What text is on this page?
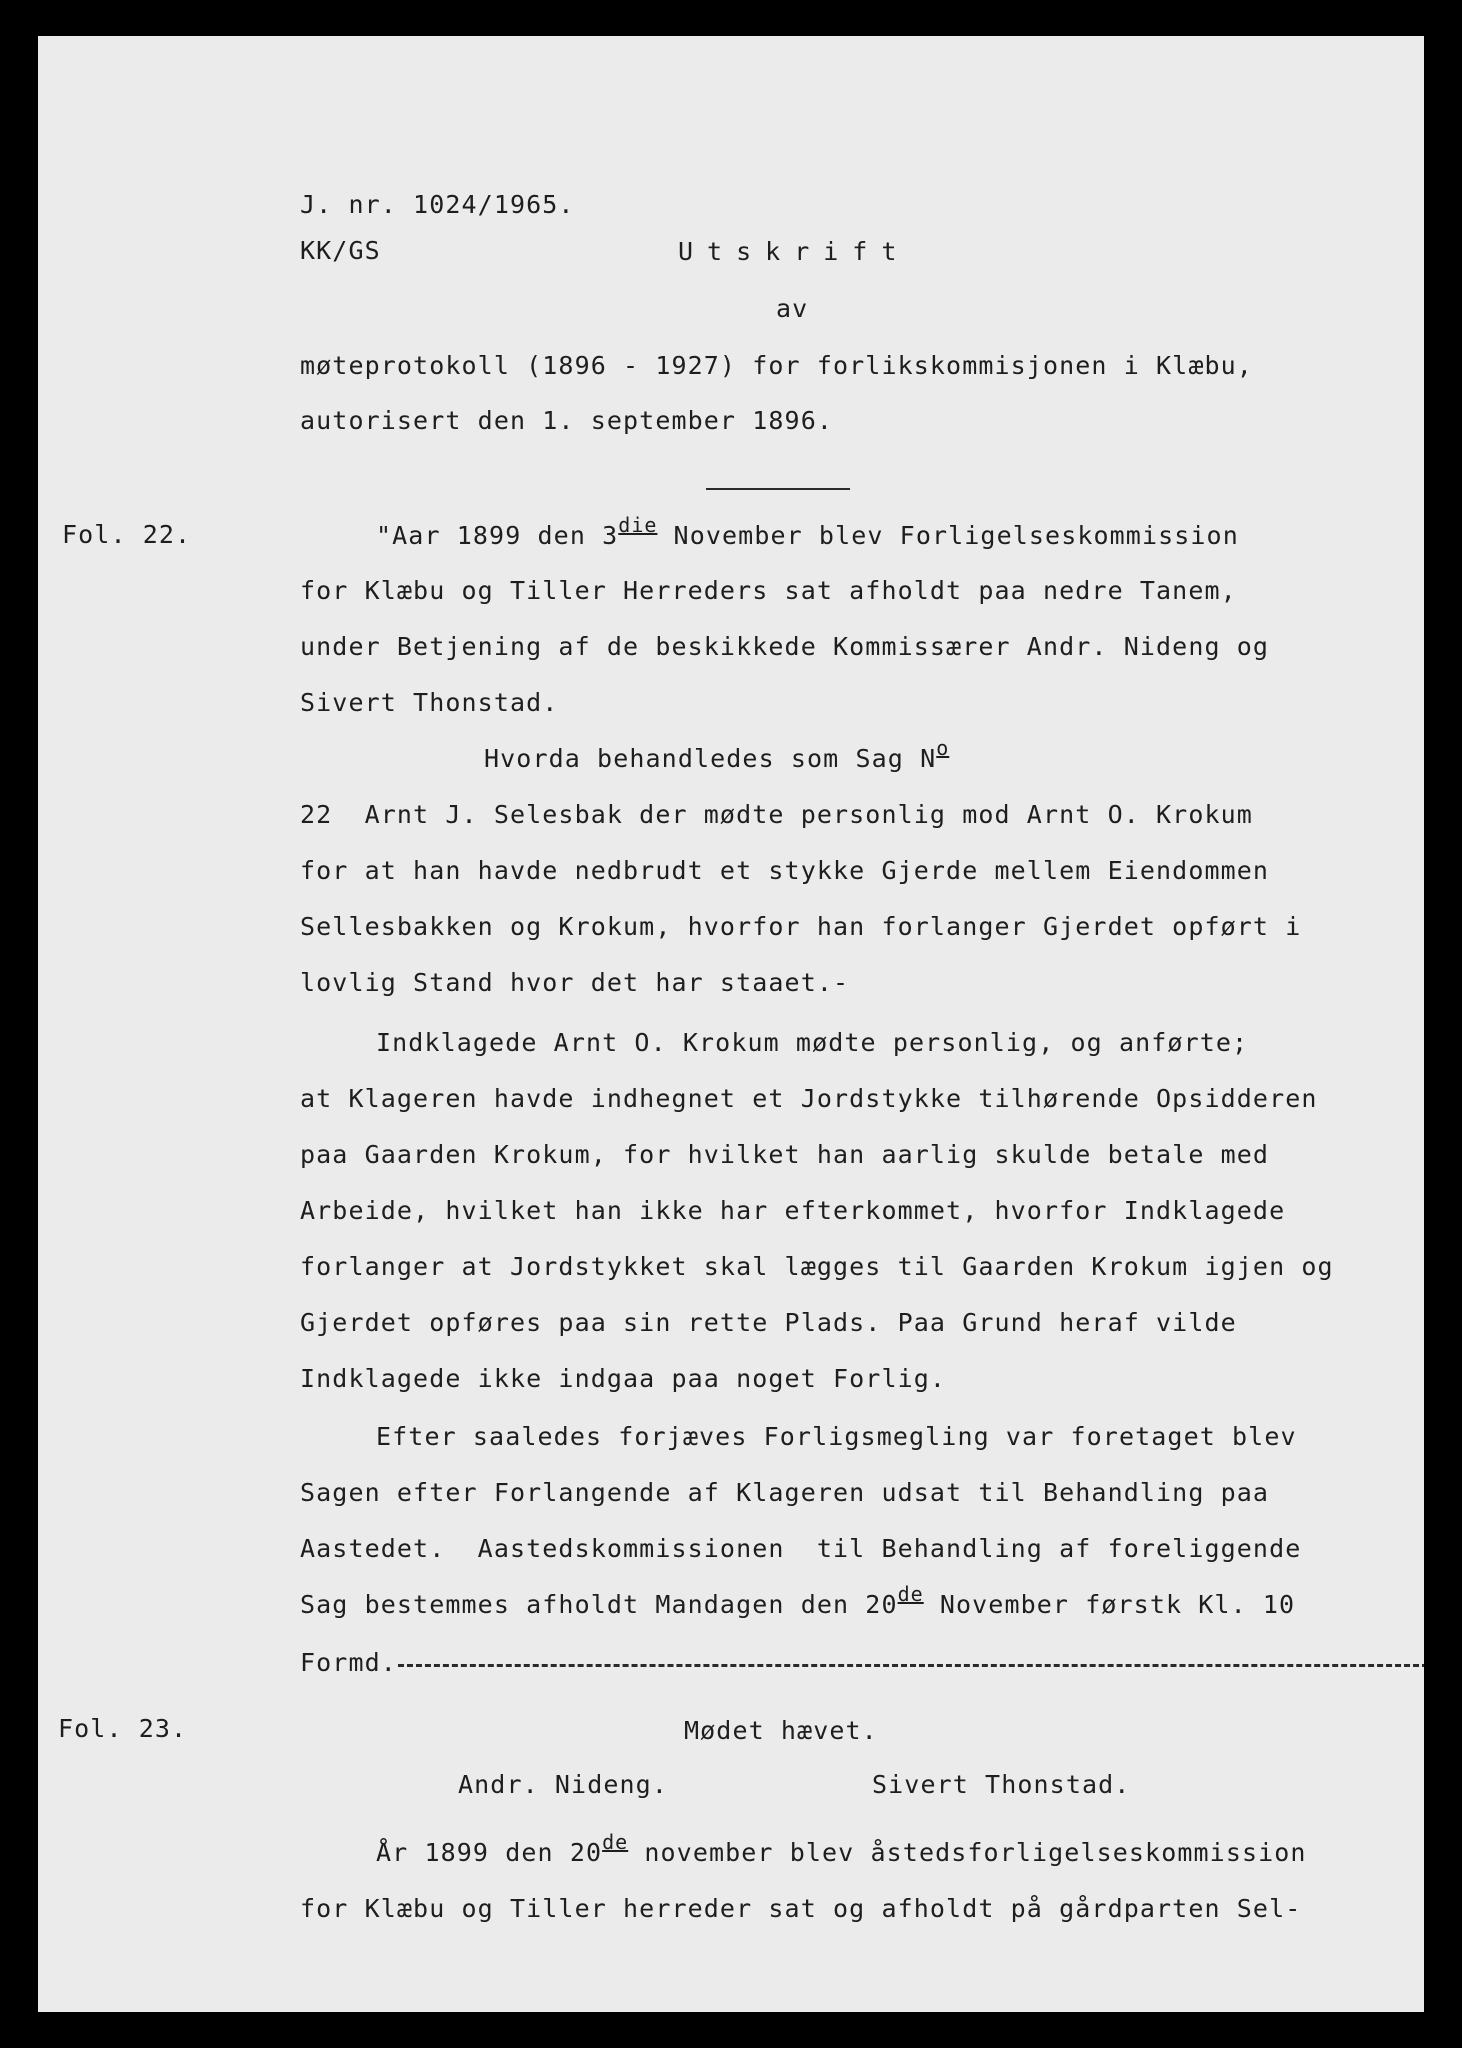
J. nr. 1024/1965.
KK/GS	Utskrift
av
møteprotokoll (1896 - 1927) for forlikskommisjonen i Klæbu,
autorisert den 1. september 1896.
Fol. 22.	"Aar 1899 den $3^{die}$ November blev Forligelseskommission
for Klæbu og Tiller Herreders sat afholdt paa nedre Tanem,
under Betjening af de beskikkede Kommissærer Andr. Nideng og
Sivert Thonstad.
Hvorda behandledes som Sag $N^o$
22  Arnt J. Selesbak der mødte personlig mod Arnt O. Krokum
for at han havde nedbrudt et stykke Gjerde mellem Eiendommen
Sellesbakken og Krokum, hvorfor han forlanger Gjerdet opført i
lovlig Stand hvor det har staaet.-
Indklagede Arnt O. Krokum mødte personlig, og anførte;
at Klageren havde indhegnet et Jordstykke tilhørende Opsidderen
paa Gaarden Krokum, for hvilket han aarlig skulde betale med
Arbeide, hvilket han ikke har efterkommet, hvorfor Indklagede
forlanger at Jordstykket skal lægges til Gaarden Krokum igjen og
Gjerdet opføres paa sin rette Plads. Paa Grund heraf vilde
Indklagede ikke indgaa paa noget Forlig.
Efter saaledes forjæves Forligsmegling var foretaget blev
Sagen efter Forlangende af Klageren udsat til Behandling paa
Aastedet.  Aastedskommissionen  til Behandling af foreliggende
Sag bestemmes afholdt Mandagen den 20de November førstk Kl. 10
Formd.
Fol. 23.	Mødet hævet.
Andr. Nideng.	Sivert Thonstad.
År 1899 den 20de november blev åstedsforligelseskommission
for Klæbu og Tiller herreder sat og afholdt på gårdparten Sel-
